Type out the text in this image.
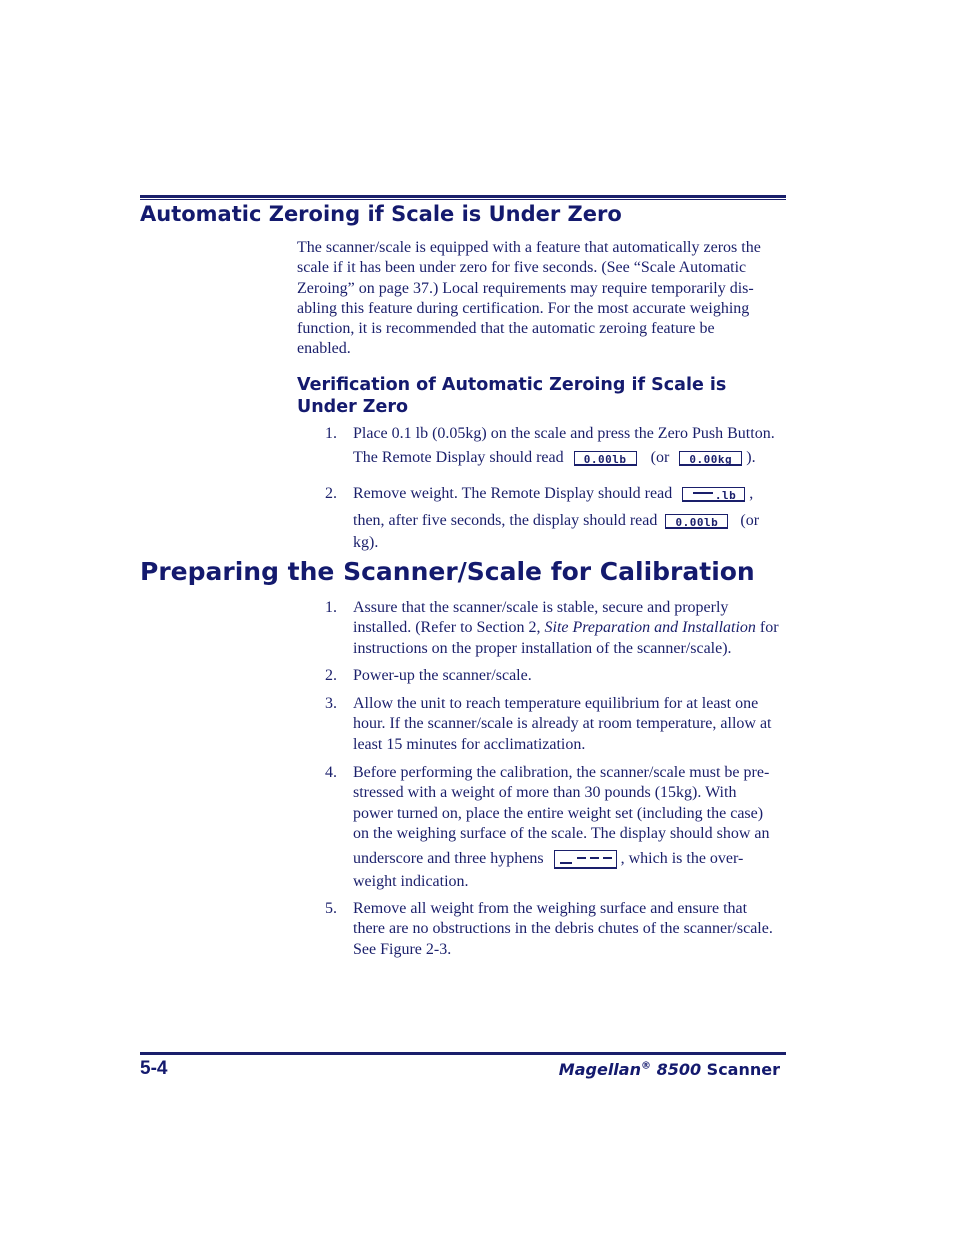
Automatic Zeroing if Scale is Under Zero

The scanner/scale is equipped with a feature that automatically zeros the
scale if it has been under zero for five seconds. (See “Scale Automatic
Zeroing” on page 37.) Local requirements may require temporarily dis-
abling this feature during certification. For the most accurate weighing
function, it is recommended that the automatic zeroing feature be
enabled.

Verification of Automatic Zeroing if Scale is
Under Zero
1. Place 0.1 lb (0.05kg) on the scale and press the Zero Push Button.
The Remote Display should read 0.00lb (or 0.00kg ).
2. Remove weight. The Remote Display should read	.lb ,
then, after five seconds, the display should read 0.00lb (or
kg).
Preparing the Scanner/Scale for Calibration
1. Assure that the scanner/scale is stable, secure and properly
installed. (Refer to Section 2, Site Preparation and Installation for
instructions on the proper installation of the scanner/scale).
2. Power-up the scanner/scale.
3. Allow the unit to reach temperature equilibrium for at least one
hour. If the scanner/scale is already at room temperature, allow at
least 15 minutes for acclimatization.
4. Before performing the calibration, the scanner/scale must be pre-
stressed with a weight of more than 30 pounds (15kg). With
power turned on, place the entire weight set (including the case)
on the weighing surface of the scale. The display should show an
underscore and three hyphens	, which is the over-
weight indication.
5. Remove all weight from the weighing surface and ensure that
there are no obstructions in the debris chutes of the scanner/scale.
See Figure 2-3.
5-4	Magellan® 8500 Scanner
